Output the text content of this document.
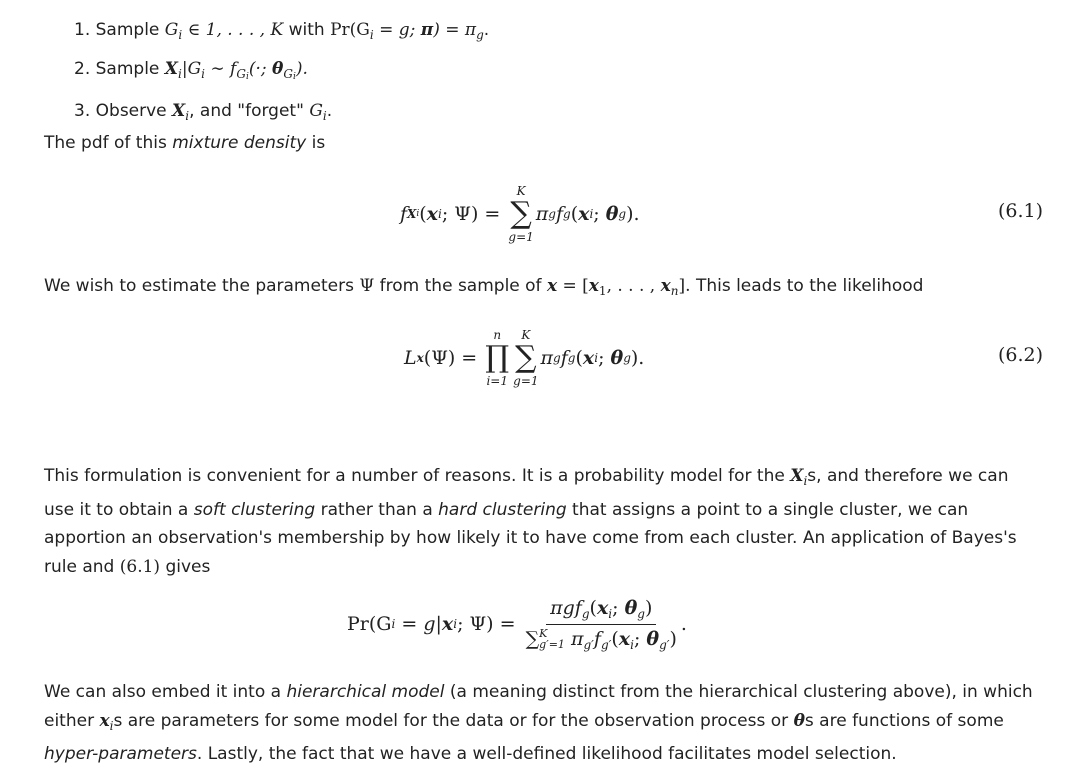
1. Sample $G_i$ ∈ 1, . . . , K with $Pr(G_i = g$; $\pi) = \pi_g$.
2. Sample $X_i|G_i$ ∼ $f_{Gi}(\cdot$; $\theta_{Gi}$).
3. Observe $X_i$, and "forget" $G_i$.

The pdf of this mixture density is

f X i ( x i ;
Ψ ) =

K
∑
g=1
π g f g ( x i ;
θ g ).	(6.1)

We wish to estimate the parameters Ψ from the sample of $x = [x_1$, . . . , $x_n$]. This leads to the likelihood

L x (Ψ) =

n
∏
i=1
K
∑
g=1
π g f g ( x i ;
θ g ).	(6.2)

This formulation is convenient for a number of reasons. It is a probability model for the $X_is$, and therefore we can use it to obtain a soft clustering rather than a hard clustering that assigns a point to a single cluster, we can apportion an observation's membership by how likely it to have come from each cluster. An application of Bayes's rule and (6.1) gives

Pr(G i
= g| x i ; Ψ) =
$\pi gf_g(x_i$; $\theta_g$)
∑ K
g′=1 $\pi_{g'}f_{g'}(x_i$; $\theta_{g'}$) .

We can also embed it into a hierarchical model (a meaning distinct from the hierarchical clustering above), in which either $x_is$ are parameters for some model for the data or for the observation process or θs are functions of some hyper-parameters. Lastly, the fact that we have a well-defined likelihood facilitates model selection.
